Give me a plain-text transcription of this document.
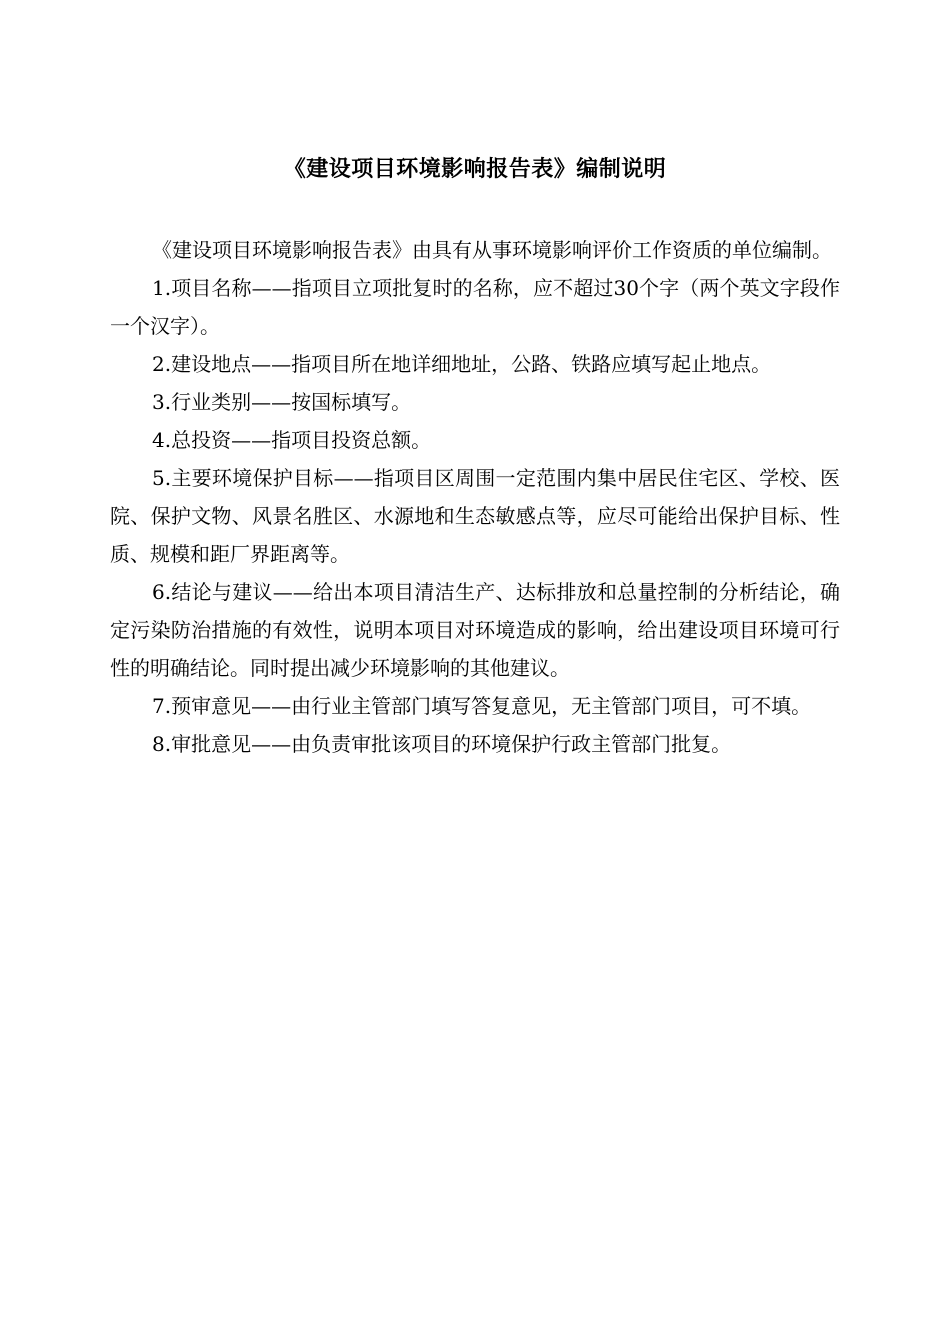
《建设项目环境影响报告表》编制说明

《建设项目环境影响报告表》由具有从事环境影响评价工作资质的单位编制。

1.项目名称——指项目立项批复时的名称，应不超过30个字（两个英文字段作一个汉字）。

2.建设地点——指项目所在地详细地址，公路、铁路应填写起止地点。

3.行业类别——按国标填写。

4.总投资——指项目投资总额。

5.主要环境保护目标——指项目区周围一定范围内集中居民住宅区、学校、医院、保护文物、风景名胜区、水源地和生态敏感点等，应尽可能给出保护目标、性质、规模和距厂界距离等。

6.结论与建议——给出本项目清洁生产、达标排放和总量控制的分析结论，确定污染防治措施的有效性，说明本项目对环境造成的影响，给出建设项目环境可行性的明确结论。同时提出减少环境影响的其他建议。

7.预审意见——由行业主管部门填写答复意见，无主管部门项目，可不填。

8.审批意见——由负责审批该项目的环境保护行政主管部门批复。
